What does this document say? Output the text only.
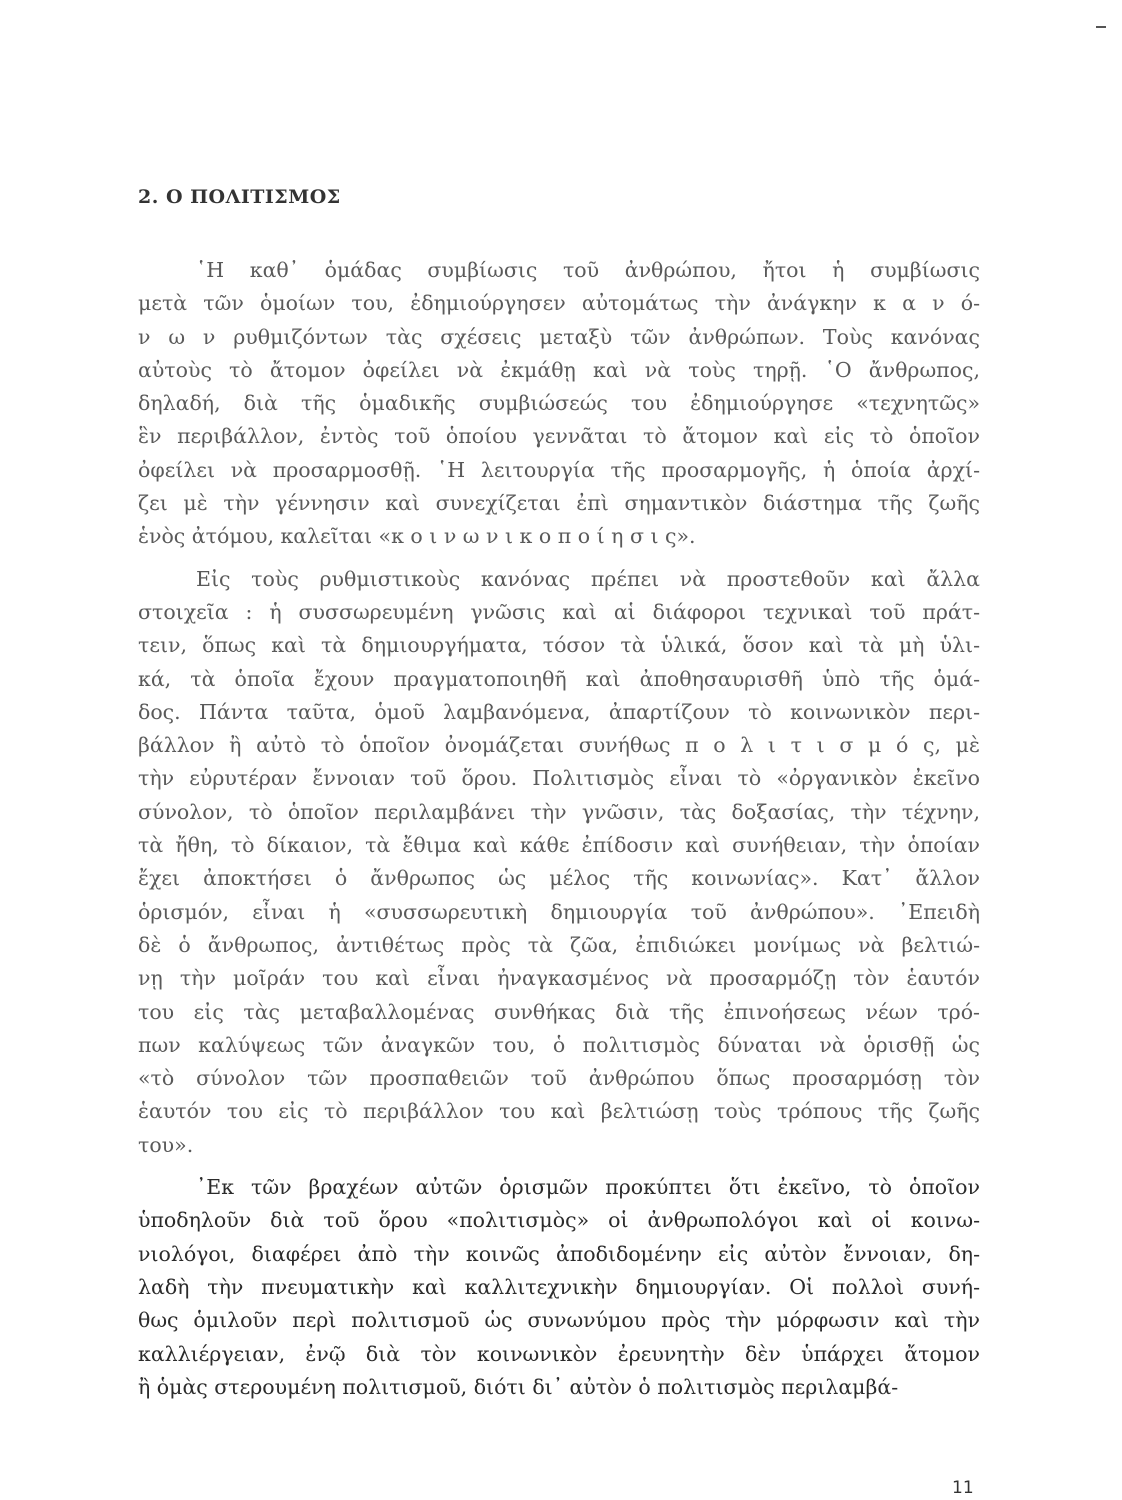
2. Ο ΠΟΛΙΤΙΣΜΟΣ
῾Η καθ᾽ ὁμάδας συμβίωσις τοῦ ἀνθρώπου, ἤτοι ἡ συμβίωσις
μετὰ τῶν ὁμοίων του, ἐδημιούργησεν αὐτομάτως τὴν ἀνάγκην κ α ν ό-
ν ω ν ρυθμιζόντων τὰς σχέσεις μεταξὺ τῶν ἀνθρώπων. Τοὺς κανόνας
αὐτοὺς τὸ ἄτομον ὀφείλει νὰ ἐκμάθῃ καὶ νὰ τοὺς τηρῇ. ῾Ο ἄνθρωπος,
δηλαδή, διὰ τῆς ὁμαδικῆς συμβιώσεώς του ἐδημιούργησε «τεχνητῶς»
ἓν περιβάλλον, ἐντὸς τοῦ ὁποίου γεννᾶται τὸ ἄτομον καὶ εἰς τὸ ὁποῖον
ὀφείλει νὰ προσαρμοσθῇ. ῾Η λειτουργία τῆς προσαρμογῆς, ἡ ὁποία ἀρχί-
ζει μὲ τὴν γέννησιν καὶ συνεχίζεται ἐπὶ σημαντικὸν διάστημα τῆς ζωῆς
ἑνὸς ἀτόμου, καλεῖται «κ ο ι ν ω ν ι κ ο π ο ί η σ ι ς».
Εἰς τοὺς ρυθμιστικοὺς κανόνας πρέπει νὰ προστεθοῦν καὶ ἄλλα
στοιχεῖα : ἡ συσσωρευμένη γνῶσις καὶ αἱ διάφοροι τεχνικαὶ τοῦ πράτ-
τειν, ὅπως καὶ τὰ δημιουργήματα, τόσον τὰ ὑλικά, ὅσον καὶ τὰ μὴ ὑλι-
κά, τὰ ὁποῖα ἔχουν πραγματοποιηθῆ καὶ ἀποθησαυρισθῆ ὑπὸ τῆς ὁμά-
δος. Πάντα ταῦτα, ὁμοῦ λαμβανόμενα, ἀπαρτίζουν τὸ κοινωνικὸν περι-
βάλλον ἢ αὐτὸ τὸ ὁποῖον ὀνομάζεται συνήθως π ο λ ι τ ι σ μ ό ς, μὲ
τὴν εὐρυτέραν ἔννοιαν τοῦ ὅρου. Πολιτισμὸς εἶναι τὸ «ὀργανικὸν ἐκεῖνο
σύνολον, τὸ ὁποῖον περιλαμβάνει τὴν γνῶσιν, τὰς δοξασίας, τὴν τέχνην,
τὰ ἤθη, τὸ δίκαιον, τὰ ἔθιμα καὶ κάθε ἐπίδοσιν καὶ συνήθειαν, τὴν ὁποίαν
ἔχει ἀποκτήσει ὁ ἄνθρωπος ὡς μέλος τῆς κοινωνίας». Κατ᾽ ἄλλον
ὁρισμόν, εἶναι ἡ «συσσωρευτικὴ δημιουργία τοῦ ἀνθρώπου». ᾿Επειδὴ
δὲ ὁ ἄνθρωπος, ἀντιθέτως πρὸς τὰ ζῶα, ἐπιδιώκει μονίμως νὰ βελτιώ-
νῃ τὴν μοῖράν του καὶ εἶναι ἠναγκασμένος νὰ προσαρμόζῃ τὸν ἑαυτόν
του εἰς τὰς μεταβαλλομένας συνθήκας διὰ τῆς ἐπινοήσεως νέων τρό-
πων καλύψεως τῶν ἀναγκῶν του, ὁ πολιτισμὸς δύναται νὰ ὁρισθῇ ὡς
«τὸ σύνολον τῶν προσπαθειῶν τοῦ ἀνθρώπου ὅπως προσαρμόσῃ τὸν
ἑαυτόν του εἰς τὸ περιβάλλον του καὶ βελτιώσῃ τοὺς τρόπους τῆς ζωῆς
του».
᾿Εκ τῶν βραχέων αὐτῶν ὁρισμῶν προκύπτει ὅτι ἐκεῖνο, τὸ ὁποῖον
ὑποδηλοῦν διὰ τοῦ ὅρου «πολιτισμὸς» οἱ ἀνθρωπολόγοι καὶ οἱ κοινω-
νιολόγοι, διαφέρει ἀπὸ τὴν κοινῶς ἀποδιδομένην εἰς αὐτὸν ἔννοιαν, δη-
λαδὴ τὴν πνευματικὴν καὶ καλλιτεχνικὴν δημιουργίαν. Οἱ πολλοὶ συνή-
θως ὁμιλοῦν περὶ πολιτισμοῦ ὡς συνωνύμου πρὸς τὴν μόρφωσιν καὶ τὴν
καλλιέργειαν, ἐνῷ διὰ τὸν κοινωνικὸν ἐρευνητὴν δὲν ὑπάρχει ἄτομον
ἢ ὁμὰς στερουμένη πολιτισμοῦ, διότι δι᾽ αὐτὸν ὁ πολιτισμὸς περιλαμβά-
11
